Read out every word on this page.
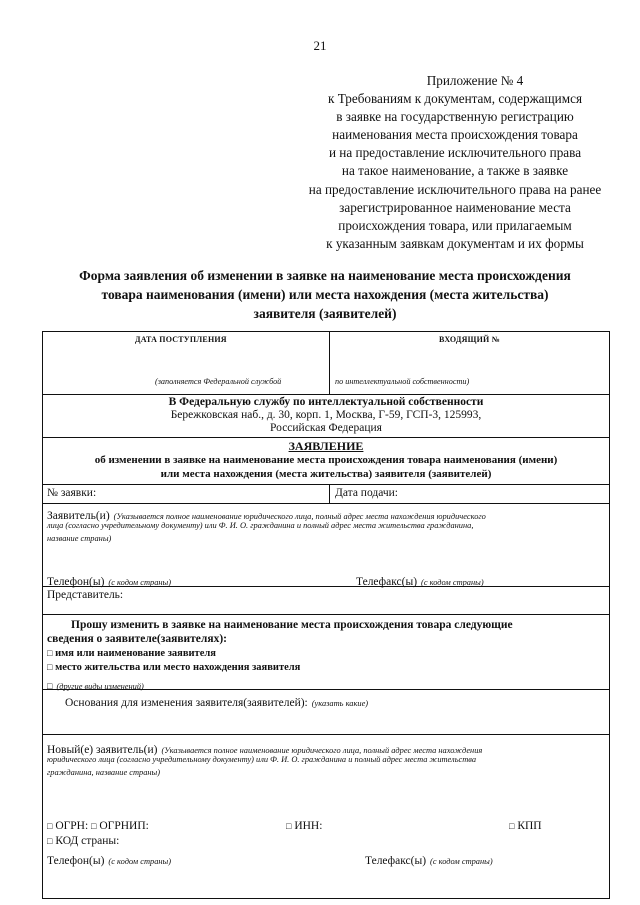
21
Приложение № 4
к Требованиям к документам, содержащимся
в заявке на государственную регистрацию
наименования места происхождения товара
и на предоставление исключительного права
на такое наименование, а также в заявке
на предоставление исключительного права на ранее
зарегистрированное наименование места
происхождения товара, или прилагаемым
к указанным заявкам документам и их формы
Форма заявления об изменении в заявке на наименование места происхождения
товара наименования (имени) или места нахождения (места жительства)
заявителя (заявителей)
ДАТА ПОСТУПЛЕНИЯ	ВХОДЯЩИЙ №
(заполняется Федеральной службой	по интеллектуальной собственности)
В Федеральную службу по интеллектуальной собственности
Бережковская наб., д. 30, корп. 1, Москва, Г-59, ГСП-3, 125993,
Российская Федерация
ЗАЯВЛЕНИЕ
об изменении в заявке на наименование места происхождения товара наименования (имени)
или места нахождения (места жительства) заявителя (заявителей)
№ заявки:	Дата подачи:
Заявитель(и) (Указывается полное наименование юридического лица, полный адрес места нахождения юридического
лица (согласно учредительному документу) или Ф. И. О. гражданина и полный адрес места жительства гражданина,
название страны)
Телефон(ы) (с кодом страны)	Телефакс(ы) (с кодом страны)
Представитель:
Прошу изменить в заявке на наименование места происхождения товара следующие
сведения о заявителе(заявителях):
□ имя или наименование заявителя
□ место жительства или место нахождения заявителя
□ (другие виды изменений)
Основания для изменения заявителя(заявителей): (указать какие)
Новый(е) заявитель(и) (Указывается полное наименование юридического лица, полный адрес места нахождения
юридического лица (согласно учредительному документу) или Ф. И. О. гражданина и полный адрес места жительства
гражданина, название страны)
□ ОГРН: □ ОГРНИП:	□ ИНН:	□ КПП
□ КОД страны:
Телефон(ы) (с кодом страны)	Телефакс(ы) (с кодом страны)
